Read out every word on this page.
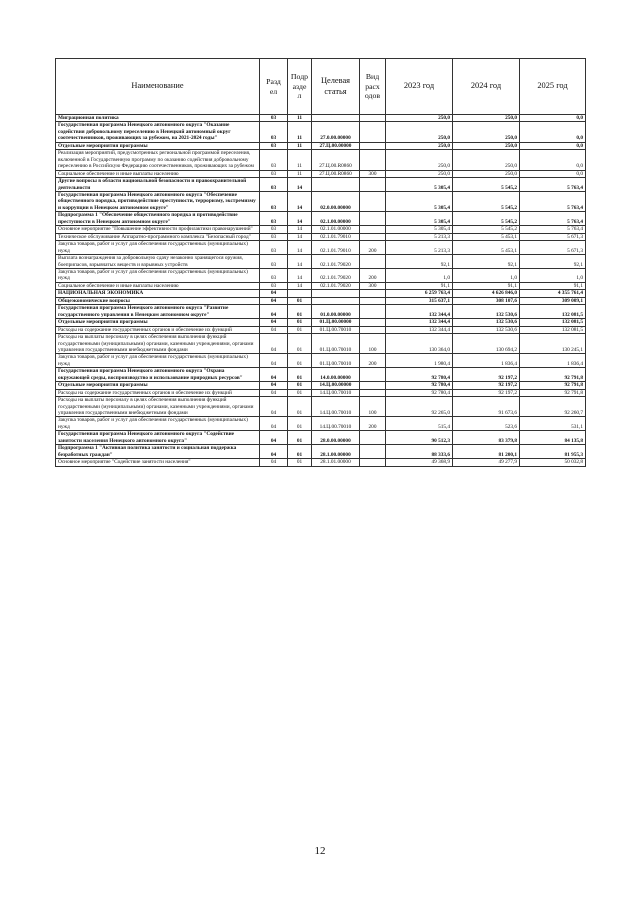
Наименование	Разд ел	Подр азде л	Целевая статья	Вид расх одов	2023 год	2024 год	2025 год
Миграционная политика	03	11			250,0	250,0	0,0
Государственная программа Ненецкого автономного округа "Оказание содействия добровольному переселению в Ненецкий автономный округ соотечественников, проживающих за рубежом, на 2021-2024 годы"	03	11	27.0.00.00000		250,0	250,0	0,0
Отдельные мероприятия программы	03	11	27.Ц.00.00000		250,0	250,0	0,0
Реализация мероприятий, предусмотренных региональной программой переселения, включенной в Государственную программу по оказанию содействия добровольному переселению в Российскую Федерацию соотечественников, проживающих за рубежом	03	11	27.Ц.00.R0860		250,0	250,0	0,0
Социальное обеспечение и иные выплаты населению	03	11	27.Ц.00.R0860	300	250,0	250,0	0,0
Другие вопросы в области национальной безопасности и правоохранительной деятельности	03	14			5 305,4	5 545,2	5 763,4
Государственная программа Ненецкого автономного округа "Обеспечение общественного порядка, противодействие преступности, терроризму, экстремизму и коррупции в Ненецком автономном округе"	03	14	02.0.00.00000		5 305,4	5 545,2	5 763,4
Подпрограмма 1 "Обеспечение общественного порядка и противодействие преступности в Ненецком автономном округе"	03	14	02.1.00.00000		5 305,4	5 545,2	5 763,4
Основное мероприятие "Повышение эффективности профилактики правонарушений"	03	14	02.1.01.00000		5 305,4	5 545,2	5 763,4
Техническое обслуживание Аппаратно-программного комплекса "Безопасный город"	03	14	02.1.01.79010		5 213,3	5 453,1	5 671,3
Закупка товаров, работ и услуг для обеспечения государственных (муниципальных) нужд	03	14	02.1.01.79010	200	5 213,3	5 453,1	5 671,3
Выплата вознаграждения за добровольную сдачу незаконно хранящегося оружия, боеприпасов, взрывчатых веществ и взрывных устройств	03	14	02.1.01.79020		92,1	92,1	92,1
Закупка товаров, работ и услуг для обеспечения государственных (муниципальных) нужд	03	14	02.1.01.79020	200	1,0	1,0	1,0
Социальное обеспечение и иные выплаты населению	03	14	02.1.01.79020	300	91,1	91,1	91,1
НАЦИОНАЛЬНАЯ ЭКОНОМИКА	04				6 259 763,4	4 626 846,0	4 355 761,4
Общеэкономические вопросы	04	01			315 637,1	308 107,6	309 009,1
Государственная программа Ненецкого автономного округа "Развитие государственного управления в Ненецком автономном округе"	04	01	01.0.00.00000		132 344,4	132 530,6	132 081,5
Отдельные мероприятия программы	04	01	01.Ц.00.00000		132 344,4	132 530,6	132 081,5
Расходы на содержание государственных органов и обеспечение их функций	04	01	01.Ц.00.70010		132 344,4	132 530,6	132 081,5
Расходы на выплаты персоналу в целях обеспечения выполнения функций государственными (муниципальными) органами, казенными учреждениями, органами управления государственными внебюджетными фондами	04	01	01.Ц.00.70010	100	130 364,0	130 694,2	130 245,1
Закупка товаров, работ и услуг для обеспечения государственных (муниципальных) нужд	04	01	01.Ц.00.70010	200	1 980,4	1 836,4	1 836,4
Государственная программа Ненецкого автономного округа "Охрана окружающей среды, воспроизводство и использование природных ресурсов"	04	01	14.0.00.00000		92 780,4	92 197,2	92 791,8
Отдельные мероприятия программы	04	01	14.Ц.00.00000		92 780,4	92 197,2	92 791,8
Расходы на содержание государственных органов и обеспечение их функций	04	01	14.Ц.00.70010		92 780,4	92 197,2	92 791,8
Расходы на выплаты персоналу в целях обеспечения выполнения функций государственными (муниципальными) органами, казенными учреждениями, органами управления государственными внебюджетными фондами	04	01	14.Ц.00.70010	100	92 265,0	91 673,6	92 260,7
Закупка товаров, работ и услуг для обеспечения государственных (муниципальных) нужд	04	01	14.Ц.00.70010	200	515,4	523,6	531,1
Государственная программа Ненецкого автономного округа "Содействие занятости населения Ненецкого автономного округа"	04	01	28.0.00.00000		90 512,3	83 379,8	84 135,8
Подпрограмма 1 "Активная политика занятости и социальная поддержка безработных граждан"	04	01	28.1.00.00000		88 333,6	81 200,1	81 955,3
Основное мероприятие "Содействие занятости населения"	04	01	28.1.01.00000		49 368,9	49 277,9	50 032,8
12
